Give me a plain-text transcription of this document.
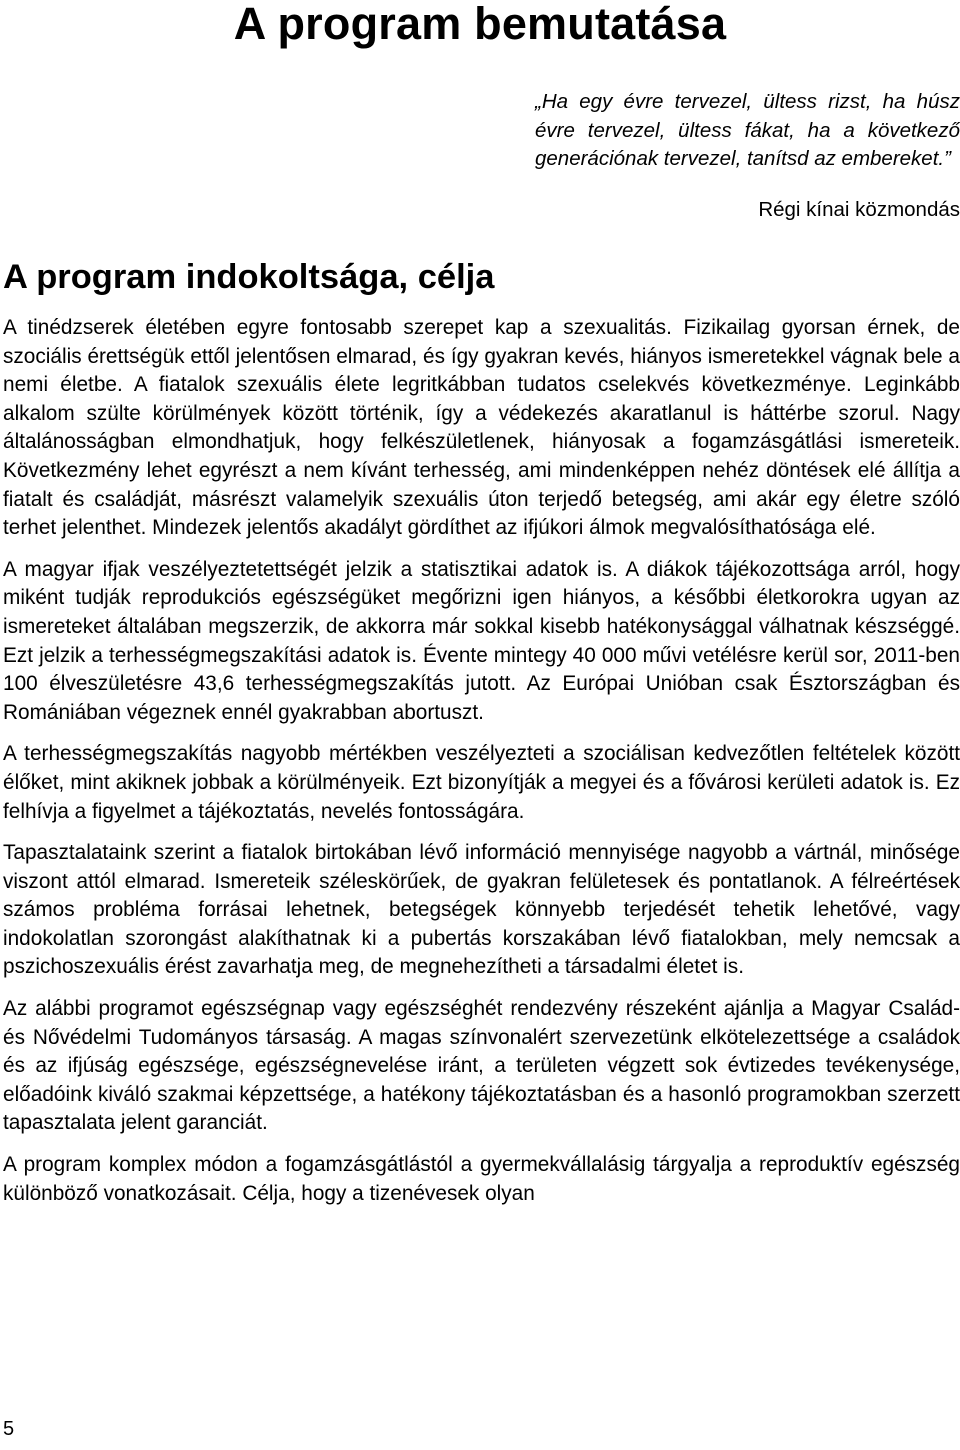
A program bemutatása

„Ha egy évre tervezel, ültess rizst, ha húsz évre tervezel, ültess fákat, ha a következő generációnak tervezel, tanítsd az embereket.”

Régi kínai közmondás

A program indokoltsága, célja

A tinédzserek életében egyre fontosabb szerepet kap a szexualitás. Fizikailag gyorsan érnek, de szociális érettségük ettől jelentősen elmarad, és így gyakran kevés, hiányos ismeretekkel vágnak bele a nemi életbe. A fiatalok szexuális élete legritkábban tudatos cselekvés következménye. Leginkább alkalom szülte körülmények között történik, így a védekezés akaratlanul is háttérbe szorul. Nagy általánosságban elmondhatjuk, hogy felkészületlenek, hiányosak a fogamzásgátlási ismereteik. Következmény lehet egyrészt a nem kívánt terhesség, ami mindenképpen nehéz döntések elé állítja a fiatalt és családját, másrészt valamelyik szexuális úton terjedő betegség, ami akár egy életre szóló terhet jelenthet. Mindezek jelentős akadályt gördíthet az ifjúkori álmok megvalósíthatósága elé.

A magyar ifjak veszélyeztetettségét jelzik a statisztikai adatok is. A diákok tájékozottsága arról, hogy miként tudják reprodukciós egészségüket megőrizni igen hiányos, a későbbi életkorokra ugyan az ismereteket általában megszerzik, de akkorra már sokkal kisebb hatékonysággal válhatnak készséggé. Ezt jelzik a terhességmegszakítási adatok is. Évente mintegy 40 000 művi vetélésre kerül sor, 2011-ben 100 élveszületésre 43,6 terhességmegszakítás jutott. Az Európai Unióban csak Észtországban és Romániában végeznek ennél gyakrabban abortuszt.

A terhességmegszakítás nagyobb mértékben veszélyezteti a szociálisan kedvezőtlen feltételek között élőket, mint akiknek jobbak a körülményeik. Ezt bizonyítják a megyei és a fővárosi kerületi adatok is. Ez felhívja a figyelmet a tájékoztatás, nevelés fontosságára.

Tapasztalataink szerint a fiatalok birtokában lévő információ mennyisége nagyobb a vártnál, minősége viszont attól elmarad. Ismereteik széleskörűek, de gyakran felületesek és pontatlanok. A félreértések számos probléma forrásai lehetnek, betegségek könnyebb terjedését tehetik lehetővé, vagy indokolatlan szorongást alakíthatnak ki a pubertás korszakában lévő fiatalokban, mely nemcsak a pszichoszexuális érést zavarhatja meg, de megnehezítheti a társadalmi életet is.

Az alábbi programot egészségnap vagy egészséghét rendezvény részeként ajánlja a Magyar Család- és Nővédelmi Tudományos társaság. A magas színvonalért szervezetünk elkötelezettsége a családok és az ifjúság egészsége, egészségnevelése iránt, a területen végzett sok évtizedes tevékenysége, előadóink kiváló szakmai képzettsége, a hatékony tájékoztatásban és a hasonló programokban szerzett tapasztalata jelent garanciát.

A program komplex módon a fogamzásgátlástól a gyermekvállalásig tárgyalja a reproduktív egészség különböző vonatkozásait. Célja, hogy a tizenévesek olyan

5
